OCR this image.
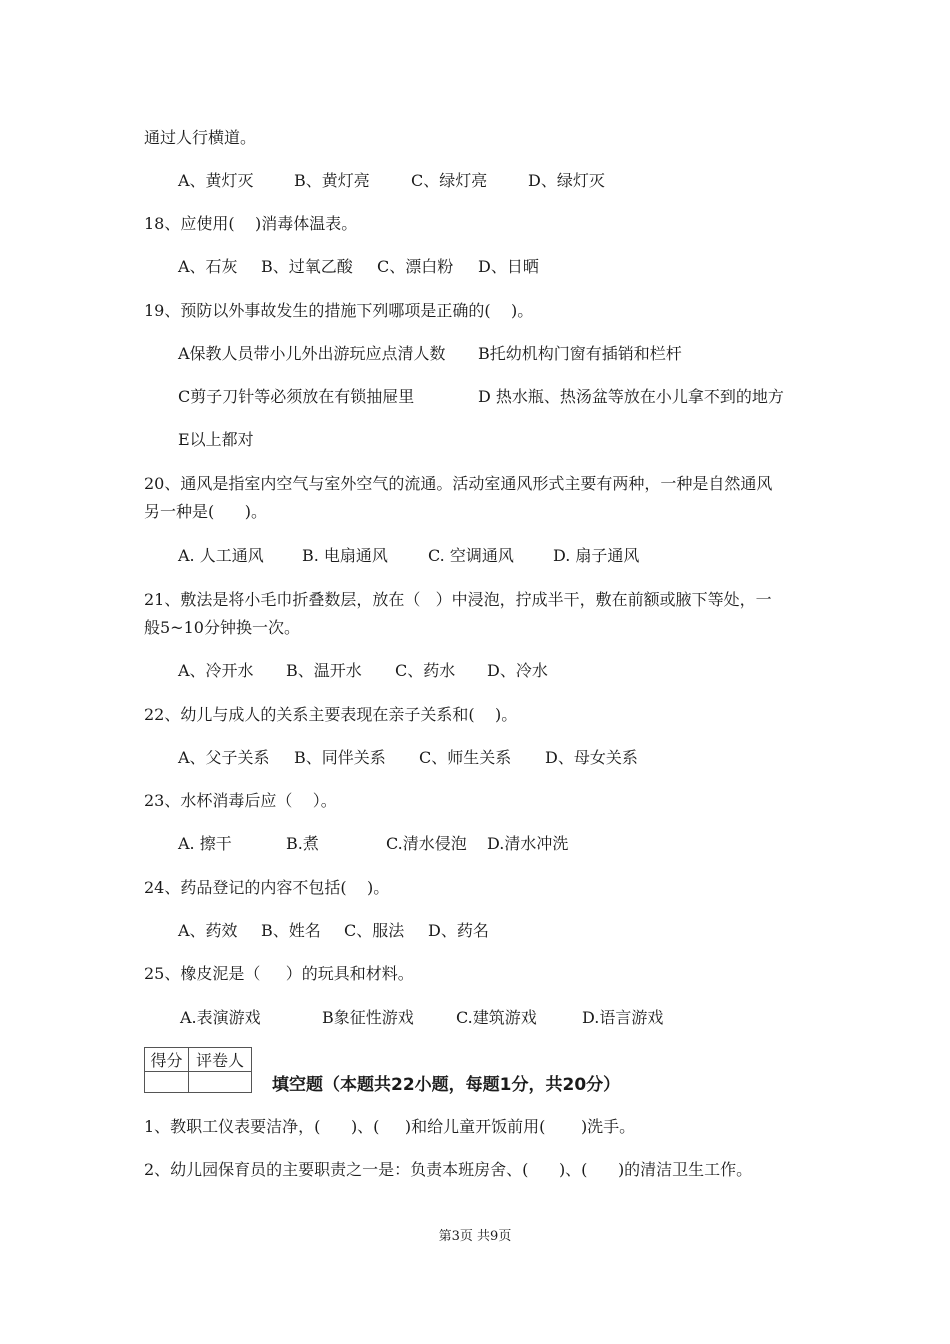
通过人行横道。
A、黄灯灭	B、黄灯亮	C、绿灯亮	D、绿灯灭
18、应使用(    )消毒体温表。
A、石灰 B、过氧乙酸 C、漂白粉 D、日晒
19、预防以外事故发生的措施下列哪项是正确的(    )。
A保教人员带小儿外出游玩应点清人数 B托幼机构门窗有插销和栏杆
C剪子刀针等必须放在有锁抽屉里	D 热水瓶、热汤盆等放在小儿拿不到的地方
E以上都对
20、通风是指室内空气与室外空气的流通。活动室通风形式主要有两种，一种是自然通风
另一种是(      )。
A. 人工通风 B. 电扇通风	C. 空调通风 D. 扇子通风
21、敷法是将小毛巾折叠数层，放在（   ）中浸泡，拧成半干，敷在前额或腋下等处，一
般5~10分钟换一次。
A、冷开水 B、温开水 C、药水 D、冷水
22、幼儿与成人的关系主要表现在亲子关系和(    )。
A、父子关系 B、同伴关系 C、师生关系 D、母女关系
23、水杯消毒后应（    ）。
A. 擦干	B.煮	C.清水侵泡 D.清水冲洗
24、药品登记的内容不包括(    )。
A、药效 B、姓名 C、服法 D、药名
25、橡皮泥是（     ）的玩具和材料。
A.表演游戏	B象征性游戏	C.建筑游戏	D.语言游戏
得分	评卷人

填空题（本题共22小题，每题1分，共20分）
1、教职工仪表要洁净，(      )、(     )和给儿童开饭前用(       )洗手。
2、幼儿园保育员的主要职责之一是：负责本班房舍、(      )、(      )的清洁卫生工作。
第3页 共9页
